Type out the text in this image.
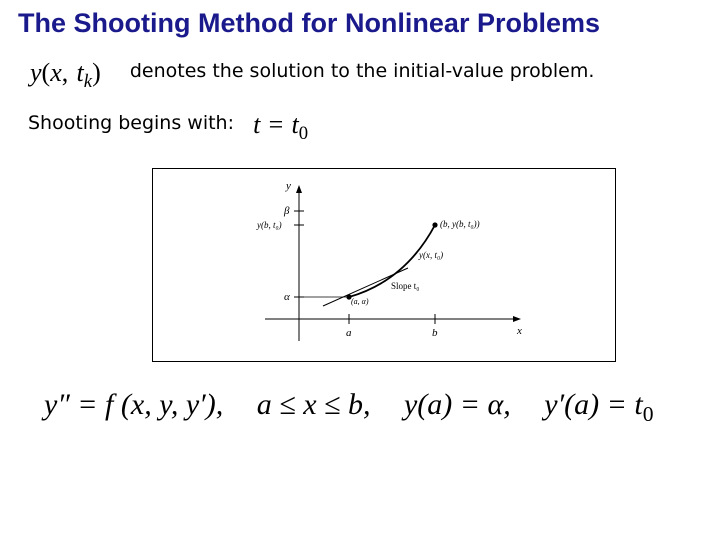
The Shooting Method for Nonlinear Problems
y(x, $t_k$) denotes the solution to the initial-value problem.
Shooting begins with: $t = t_0$
x
y
β
y(b, t₀)
α
a	b
(b, y(b, t₀))
y(x, t₀)
Slope t₀
(a, α)
y″ = f (x, y, y′), a ≤ x ≤ b, y(a) = α, $y'(a) = t_0$
